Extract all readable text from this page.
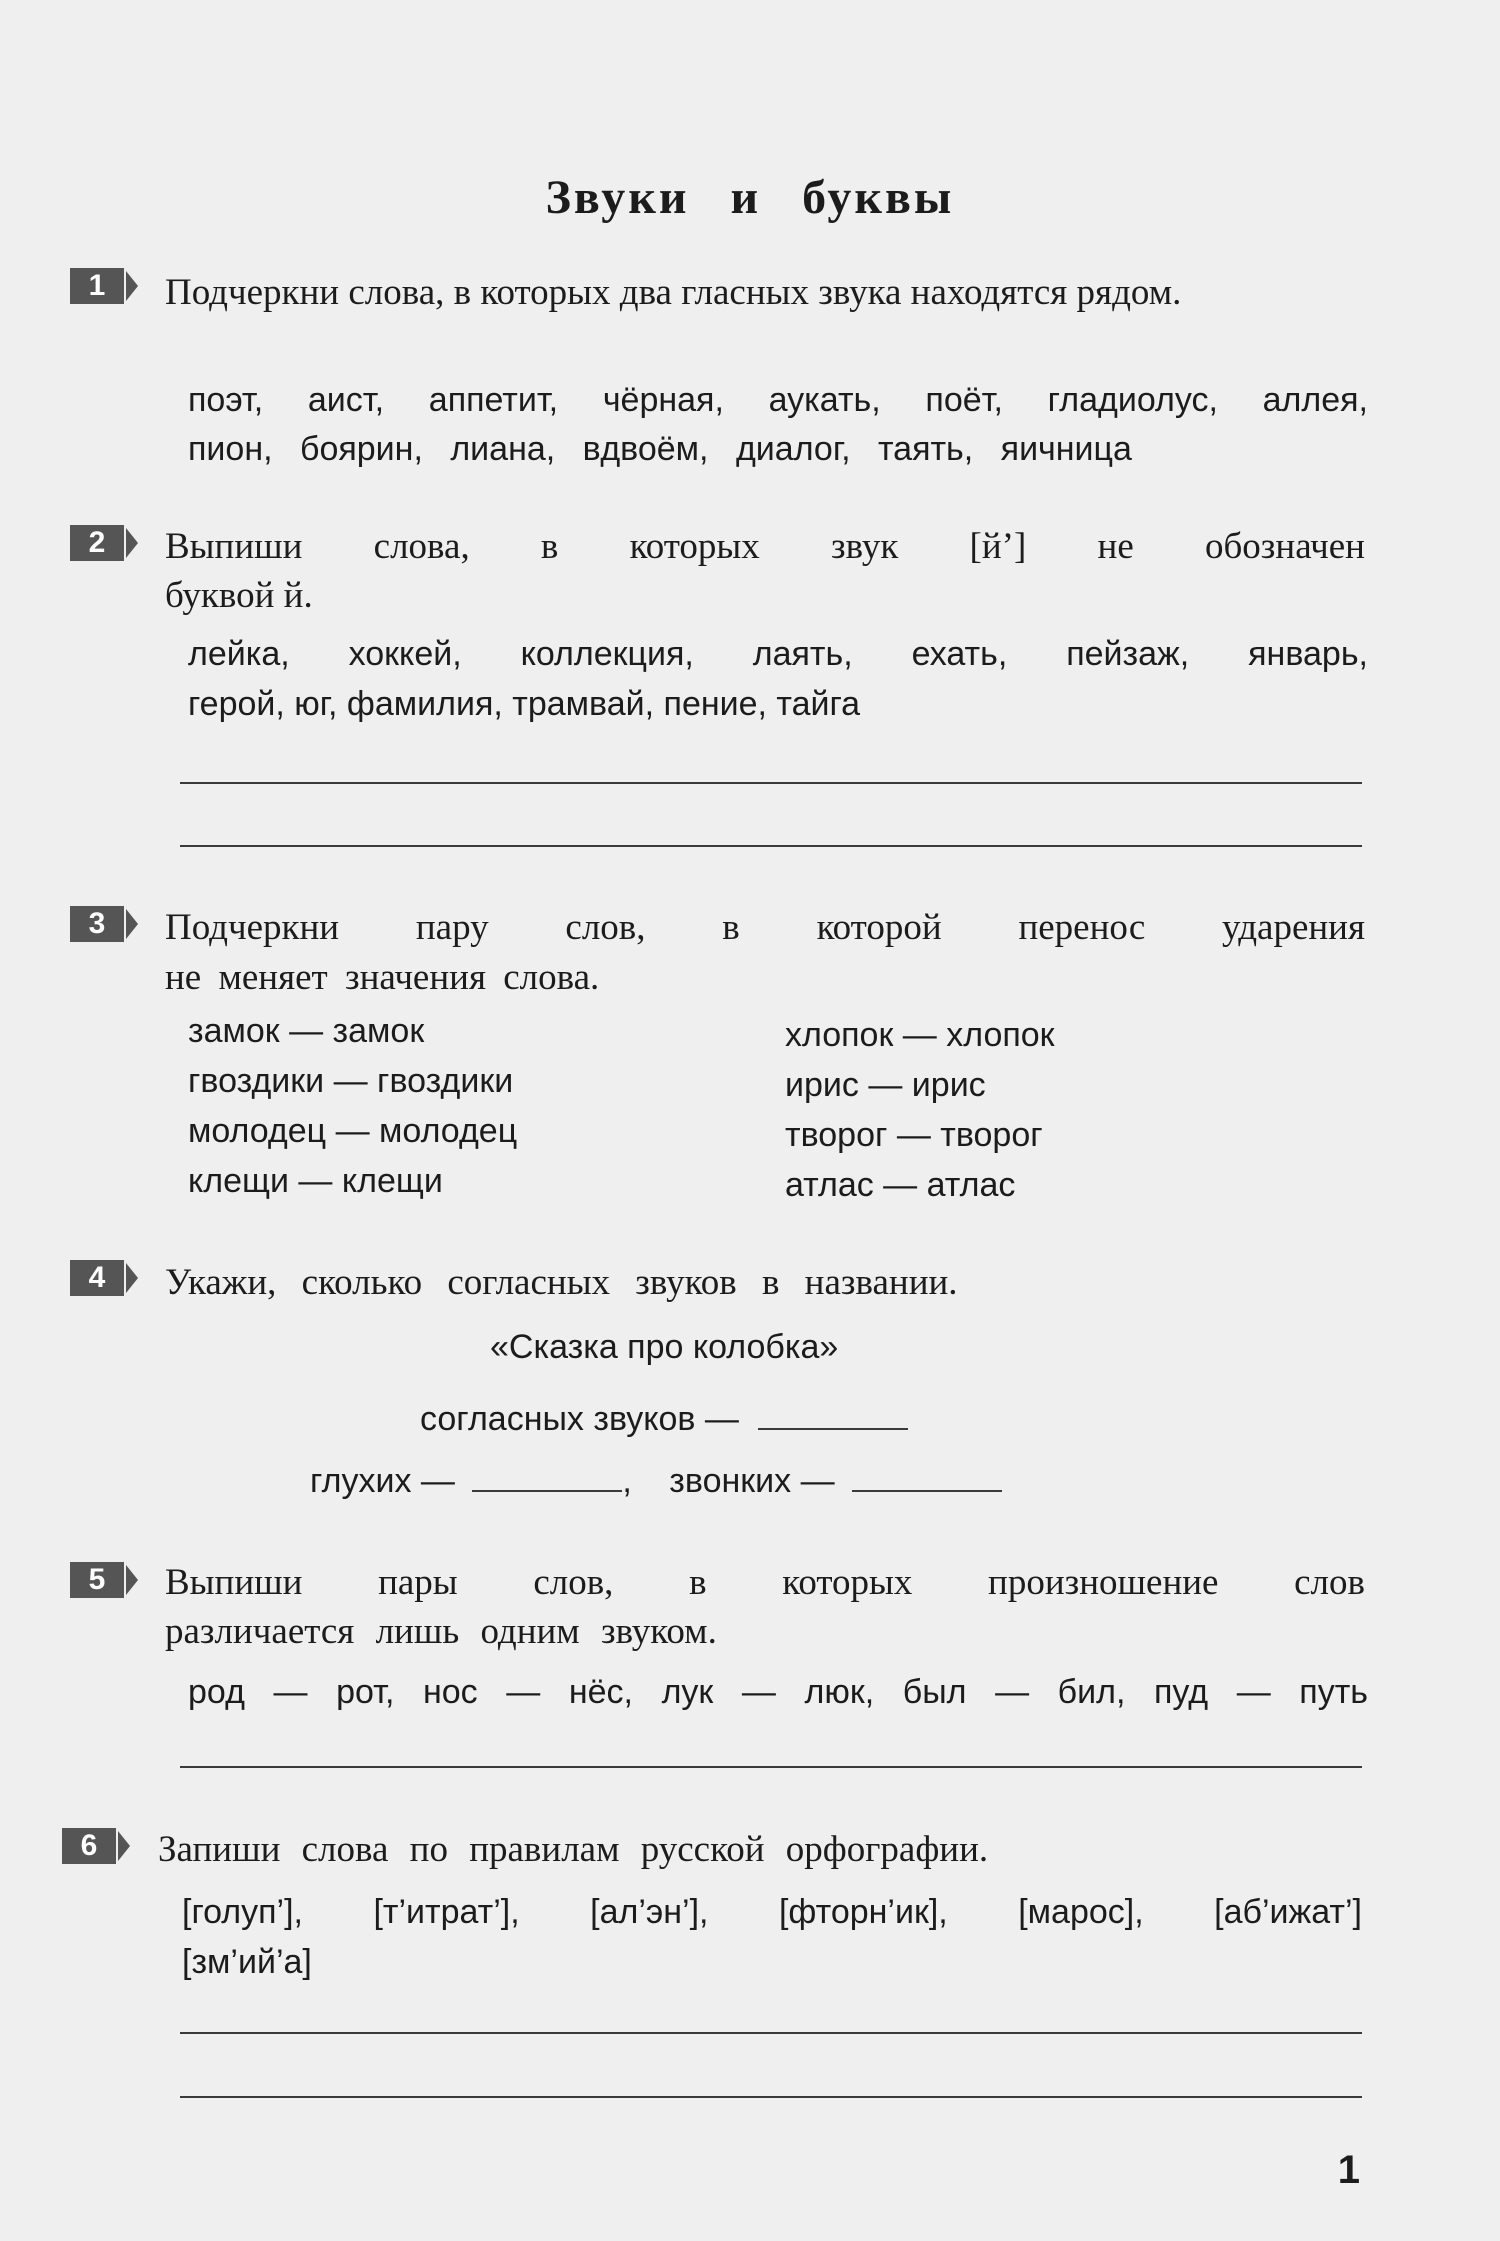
Звуки и буквы
1	Подчеркни слова, в которых два гласных звука находятся рядом.
поэт, аист, аппетит, чёрная, аукать, поёт, гладиолус, аллея,
пион, боярин, лиана, вдвоём, диалог, таять, яичница
2	Выпиши слова, в которых звук [й’] не обозначен
буквой й.
лейка, хоккей, коллекция, лаять, ехать, пейзаж, январь,
герой, юг, фамилия, трамвай, пение, тайга
3	Подчеркни пару слов, в которой перенос ударения
не меняет значения слова.
замок — замок
гвоздики — гвоздики
молодец — молодец
клещи — клещи
хлопок — хлопок
ирис — ирис
творог — творог
атлас — атлас
4	Укажи, сколько согласных звуков в названии.
«Сказка про колобка»
согласных звуков —
глухих —	, звонких —
5	Выпиши пары слов, в которых произношение слов
различается лишь одним звуком.
род — рот, нос — нёс, лук — люк, был — бил, пуд — путь
6	Запиши слова по правилам русской орфографии.
[голуп’], [т’итрат’], [ал’эн’], [фторн’ик], [марос], [аб’ижат’]
[зм’ий’а]
1
